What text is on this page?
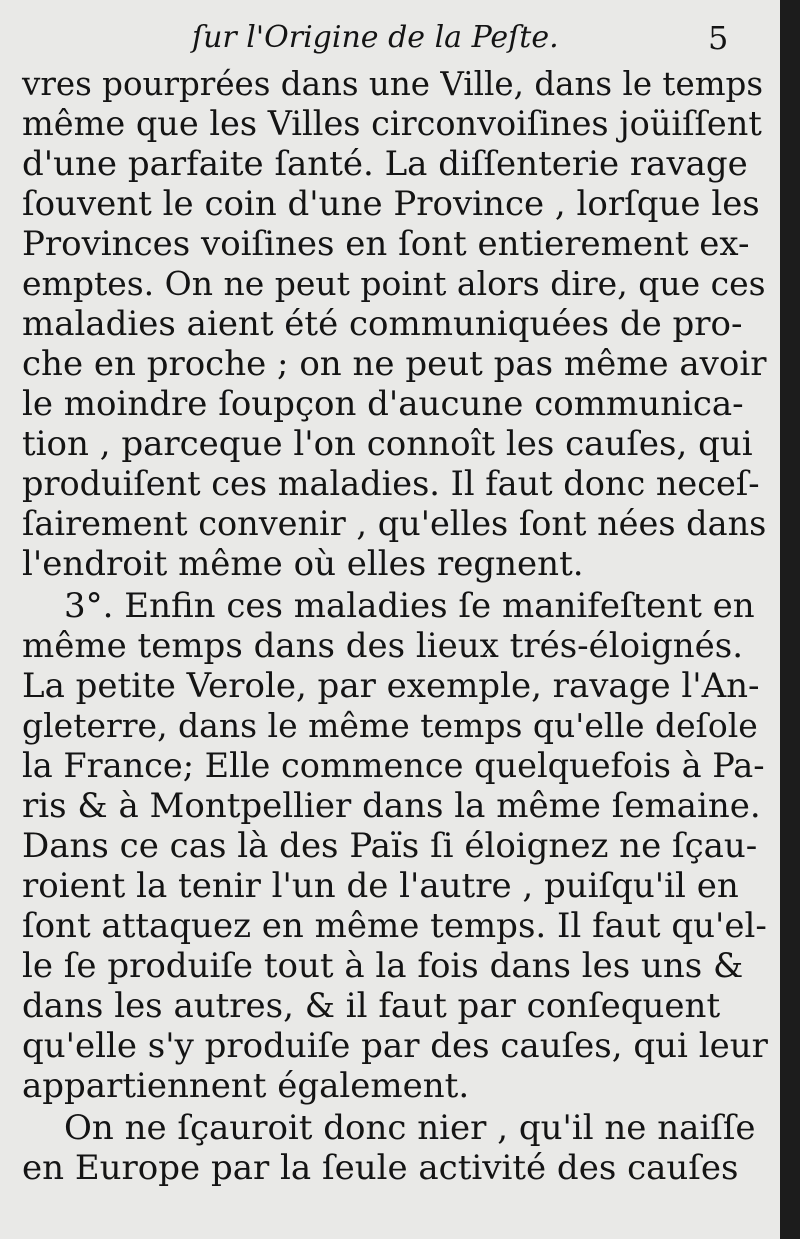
ſur l'Origine de la Peſte.	5
vres pourprées dans une Ville, dans le temps
même que les Villes circonvoiſines joüiſſent
d'une parfaite ſanté. La diſſenterie ravage
ſouvent le coin d'une Province , lorſque les
Provinces voiſines en ſont entierement ex-
emptes. On ne peut point alors dire, que ces
maladies aient été communiquées de pro-
che en proche ; on ne peut pas même avoir
le moindre ſoupçon d'aucune communica-
tion , parceque l'on connoît les cauſes, qui
produiſent ces maladies. Il faut donc neceſ-
ſairement convenir , qu'elles ſont nées dans
l'endroit même où elles regnent.
3°. Enfin ces maladies ſe manifeſtent en
même temps dans des lieux trés-éloignés.
La petite Verole, par exemple, ravage l'An-
gleterre, dans le même temps qu'elle deſole
la France; Elle commence quelquefois à Pa-
ris & à Montpellier dans la même ſemaine.
Dans ce cas là des Païs ſi éloignez ne ſçau-
roient la tenir l'un de l'autre , puiſqu'il en
ſont attaquez en même temps. Il faut qu'el-
le ſe produiſe tout à la fois dans les uns &
dans les autres, & il faut par conſequent
qu'elle s'y produiſe par des cauſes, qui leur
appartiennent également.
On ne ſçauroit donc nier , qu'il ne naiſſe
en Europe par la ſeule activité des cauſes
